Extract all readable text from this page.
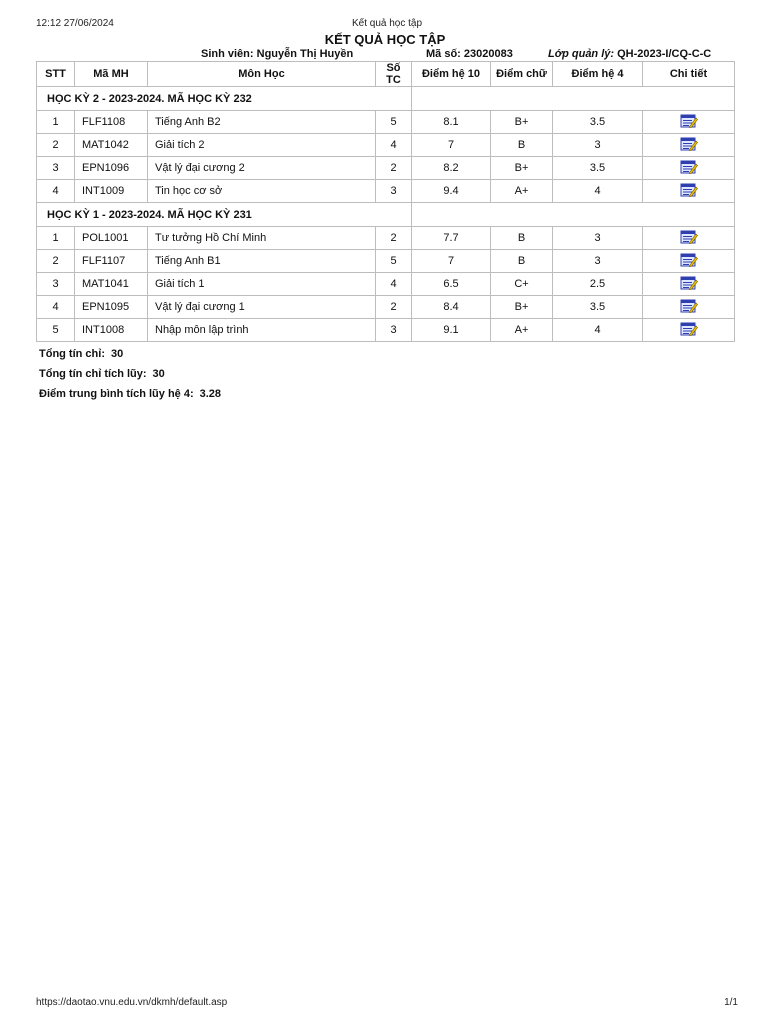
12:12 27/06/2024	Kết quả học tập
KẾT QUẢ HỌC TẬP
Sinh viên: Nguyễn Thị Huyền	Mã số: 23020083	Lớp quản lý: QH-2023-I/CQ-C-C
STT	Mã MH	Môn Học	Số TC	Điểm hệ 10	Điểm chữ	Điểm hệ 4	Chi tiết
HỌC KỲ 2 - 2023-2024. MÃ HỌC KỲ 232							
1	FLF1108	Tiếng Anh B2	5	8.1	B+	3.5	
2	MAT1042	Giải tích 2	4	7	B	3	
3	EPN1096	Vật lý đại cương 2	2	8.2	B+	3.5	
4	INT1009	Tin học cơ sở	3	9.4	A+	4	
HỌC KỲ 1 - 2023-2024. MÃ HỌC KỲ 231							
1	POL1001	Tư tưởng Hồ Chí Minh	2	7.7	B	3	
2	FLF1107	Tiếng Anh B1	5	7	B	3	
3	MAT1041	Giải tích 1	4	6.5	C+	2.5	
4	EPN1095	Vật lý đại cương 1	2	8.4	B+	3.5	
5	INT1008	Nhập môn lập trình	3	9.1	A+	4	
Tổng tín chỉ: 30
Tổng tín chỉ tích lũy: 30
Điểm trung bình tích lũy hệ 4: 3.28
https://daotao.vnu.edu.vn/dkmh/default.asp	1/1
